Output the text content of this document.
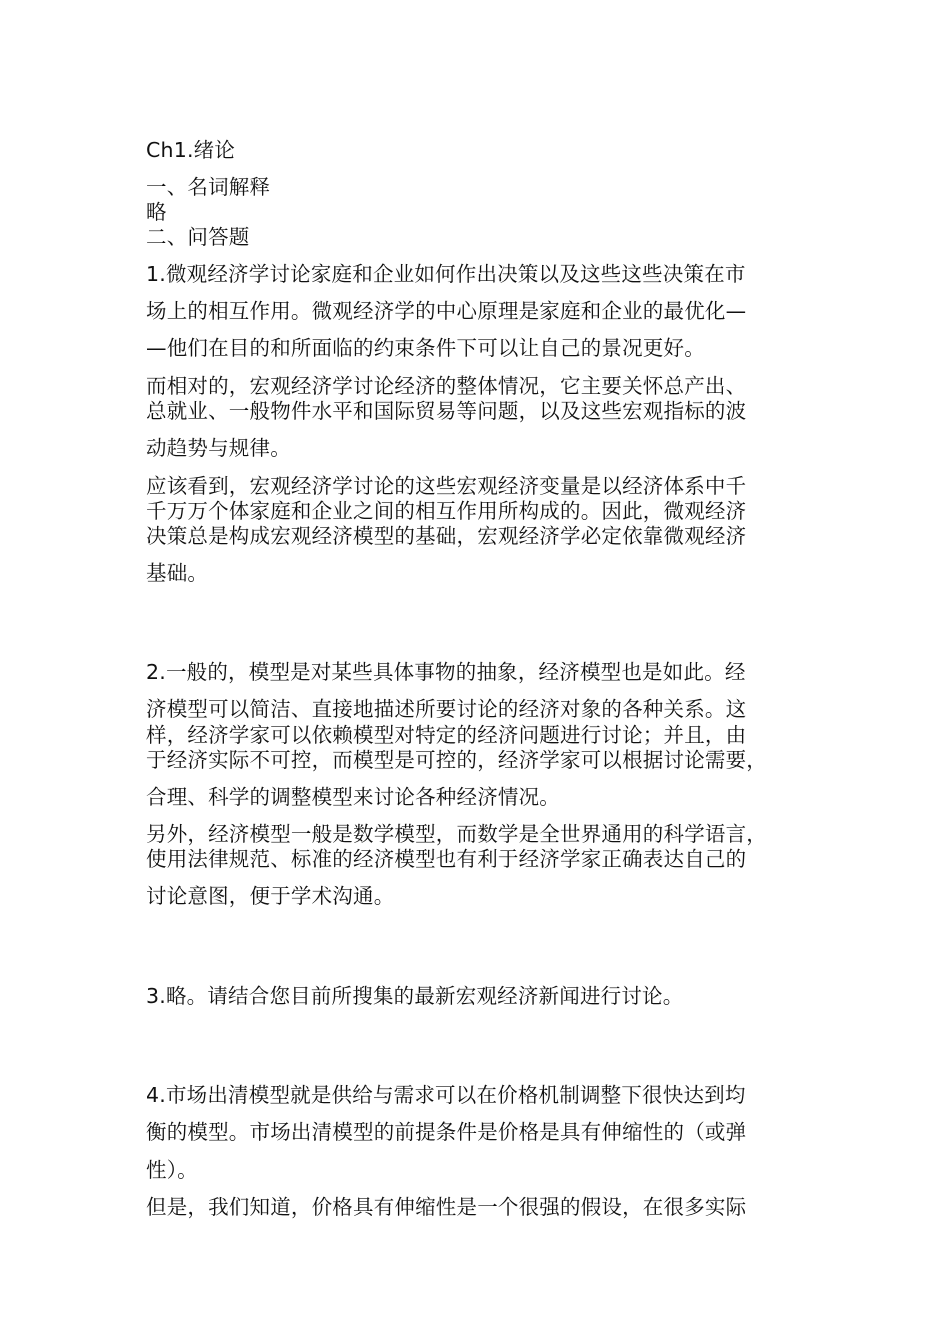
Ch1.绪论
一、名词解释
略
二、问答题
1.微观经济学讨论家庭和企业如何作出决策以及这些这些决策在市
场上的相互作用。微观经济学的中心原理是家庭和企业的最优化—
—他们在目的和所面临的约束条件下可以让自己的景况更好。
而相对的，宏观经济学讨论经济的整体情况，它主要关怀总产出、
总就业、一般物件水平和国际贸易等问题，以及这些宏观指标的波
动趋势与规律。
应该看到，宏观经济学讨论的这些宏观经济变量是以经济体系中千
千万万个体家庭和企业之间的相互作用所构成的。因此，微观经济
决策总是构成宏观经济模型的基础，宏观经济学必定依靠微观经济
基础。
2.一般的，模型是对某些具体事物的抽象，经济模型也是如此。经
济模型可以简洁、直接地描述所要讨论的经济对象的各种关系。这
样，经济学家可以依赖模型对特定的经济问题进行讨论；并且，由
于经济实际不可控，而模型是可控的，经济学家可以根据讨论需要，
合理、科学的调整模型来讨论各种经济情况。
另外，经济模型一般是数学模型，而数学是全世界通用的科学语言，
使用法律规范、标准的经济模型也有利于经济学家正确表达自己的
讨论意图，便于学术沟通。
3.略。请结合您目前所搜集的最新宏观经济新闻进行讨论。
4.市场出清模型就是供给与需求可以在价格机制调整下很快达到均
衡的模型。市场出清模型的前提条件是价格是具有伸缩性的（或弹
性）。
但是，我们知道，价格具有伸缩性是一个很强的假设，在很多实际
